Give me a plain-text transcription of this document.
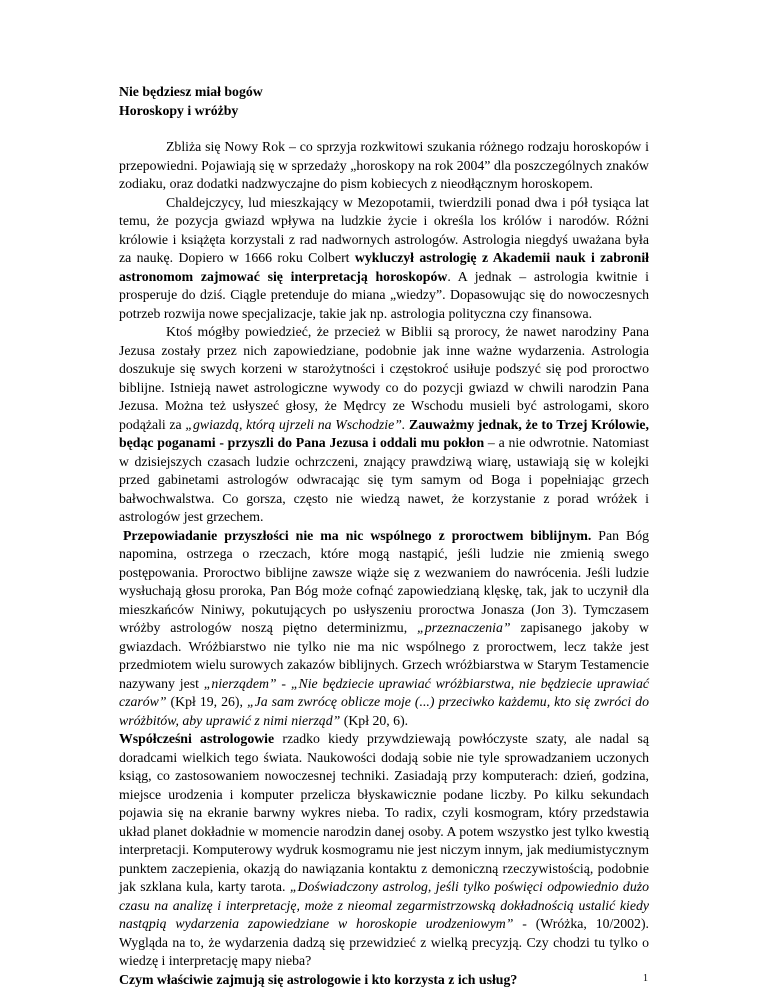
Nie będziesz miał bogów

Horoskopy i wróżby

Zbliża się Nowy Rok – co sprzyja rozkwitowi szukania różnego rodzaju horoskopów i przepowiedni. Pojawiają się w sprzedaży „horoskopy na rok 2004” dla poszczególnych znaków zodiaku, oraz dodatki nadzwyczajne do pism kobiecych z nieodłącznym horoskopem.

Chaldejczycy, lud mieszkający w Mezopotamii, twierdzili ponad dwa i pół tysiąca lat temu, że pozycja gwiazd wpływa na ludzkie życie i określa los królów i narodów. Różni królowie i książęta korzystali z rad nadwornych astrologów. Astrologia niegdyś uważana była za naukę. Dopiero w 1666 roku Colbert wykluczył astrologię z Akademii nauk i zabronił astronomom zajmować się interpretacją horoskopów. A jednak – astrologia kwitnie i prosperuje do dziś. Ciągle pretenduje do miana „wiedzy”. Dopasowując się do nowoczesnych potrzeb rozwija nowe specjalizacje, takie jak np. astrologia polityczna czy finansowa.

Ktoś mógłby powiedzieć, że przecież w Biblii są prorocy, że nawet narodziny Pana Jezusa zostały przez nich zapowiedziane, podobnie jak inne ważne wydarzenia. Astrologia doszukuje się swych korzeni w starożytności i częstokroć usiłuje podszyć się pod proroctwo biblijne. Istnieją nawet astrologiczne wywody co do pozycji gwiazd w chwili narodzin Pana Jezusa. Można też usłyszeć głosy, że Mędrcy ze Wschodu musieli być astrologami, skoro podążali za „gwiazdą, którą ujrzeli na Wschodzie”. Zauważmy jednak, że to Trzej Królowie, będąc poganami - przyszli do Pana Jezusa i oddali mu pokłon – a nie odwrotnie. Natomiast w dzisiejszych czasach ludzie ochrzczeni, znający prawdziwą wiarę, ustawiają się w kolejki przed gabinetami astrologów odwracając się tym samym od Boga i popełniając grzech bałwochwalstwa. Co gorsza, często nie wiedzą nawet, że korzystanie z porad wróżek i astrologów jest grzechem.

Przepowiadanie przyszłości nie ma nic wspólnego z proroctwem biblijnym. Pan Bóg napomina, ostrzega o rzeczach, które mogą nastąpić, jeśli ludzie nie zmienią swego postępowania. Proroctwo biblijne zawsze wiąże się z wezwaniem do nawrócenia. Jeśli ludzie wysłuchają głosu proroka, Pan Bóg może cofnąć zapowiedzianą klęskę, tak, jak to uczynił dla mieszkańców Niniwy, pokutujących po usłyszeniu proroctwa Jonasza (Jon 3). Tymczasem wróżby astrologów noszą piętno determinizmu, „przeznaczenia” zapisanego jakoby w gwiazdach. Wróżbiarstwo nie tylko nie ma nic wspólnego z proroctwem, lecz także jest przedmiotem wielu surowych zakazów biblijnych. Grzech wróżbiarstwa w Starym Testamencie nazywany jest „nierządem” - „Nie będziecie uprawiać wróżbiarstwa, nie będziecie uprawiać czarów” (Kpł 19, 26), „Ja sam zwrócę oblicze moje (...) przeciwko każdemu, kto się zwróci do wróżbitów, aby uprawić z nimi nierząd” (Kpł 20, 6).

Współcześni astrologowie rzadko kiedy przywdziewają powłóczyste szaty, ale nadal są doradcami wielkich tego świata. Naukowości dodają sobie nie tyle sprowadzaniem uczonych ksiąg, co zastosowaniem nowoczesnej techniki. Zasiadają przy komputerach: dzień, godzina, miejsce urodzenia i komputer przelicza błyskawicznie podane liczby. Po kilku sekundach pojawia się na ekranie barwny wykres nieba. To radix, czyli kosmogram, który przedstawia układ planet dokładnie w momencie narodzin danej osoby. A potem wszystko jest tylko kwestią interpretacji. Komputerowy wydruk kosmogramu nie jest niczym innym, jak mediumistycznym punktem zaczepienia, okazją do nawiązania kontaktu z demoniczną rzeczywistością, podobnie jak szklana kula, karty tarota. „Doświadczony astrolog, jeśli tylko poświęci odpowiednio dużo czasu na analizę i interpretację, może z nieomal zegarmistrzowską dokładnością ustalić kiedy nastąpią wydarzenia zapowiedziane w horoskopie urodzeniowym” - (Wróżka, 10/2002). Wygląda na to, że wydarzenia dadzą się przewidzieć z wielką precyzją. Czy chodzi tu tylko o wiedzę i interpretację mapy nieba?

Czym właściwie zajmują się astrologowie i kto korzysta z ich usług?	1
